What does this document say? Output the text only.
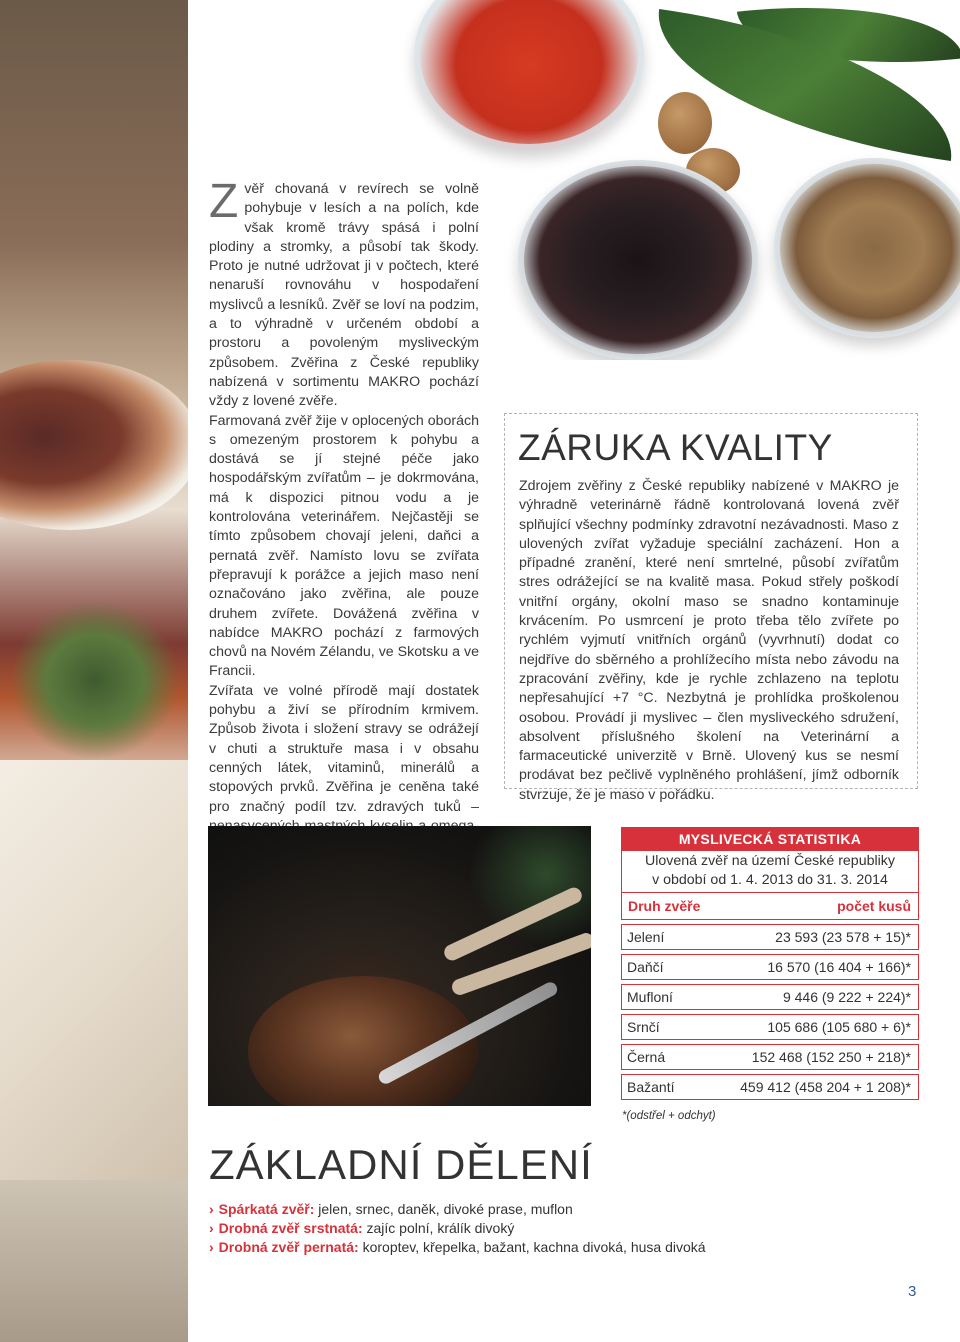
Zvěř chovaná v revírech se volně pohybuje v lesích a na polích, kde však kromě trávy spásá i polní plodiny a stromky, a působí tak škody. Proto je nutné udržovat ji v počtech, které nenaruší rovnováhu v hospodaření myslivců a lesníků. Zvěř se loví na podzim, a to výhradně v určeném období a prostoru a povoleným mysliveckým způsobem. Zvěřina z České republiky nabízená v sortimentu MAKRO pochází vždy z lovené zvěře.

Farmovaná zvěř žije v oplocených oborách s omezeným prostorem k pohybu a dostává se jí stejné péče jako hospodářským zvířatům – je dokrmována, má k dispozici pitnou vodu a je kontrolována veterinářem. Nejčastěji se tímto způsobem chovají jeleni, daňci a pernatá zvěř. Namísto lovu se zvířata přepravují k porážce a jejich maso není označováno jako zvěřina, ale pouze druhem zvířete. Dovážená zvěřina v nabídce MAKRO pochází z farmových chovů na Novém Zélandu, ve Skotsku a ve Francii.

Zvířata ve volné přírodě mají dostatek pohybu a živí se přírodním krmivem. Způsob života i složení stravy se odrážejí v chuti a struktuře masa i v obsahu cenných látek, vitaminů, minerálů a stopových prvků. Zvěřina je ceněna také pro značný podíl tzv. zdravých tuků –

ZÁRUKA KVALITY

Zdrojem zvěřiny z České republiky nabízené v MAKRO je výhradně veterinárně řádně kontrolovaná lovená zvěř splňující všechny podmínky zdravotní nezávadnosti. Maso z ulovených zvířat vyžaduje speciální zacházení. Hon a případné zranění, které není smrtelné, působí zvířatům stres odrážející se na kvalitě masa. Pokud střely poškodí vnitřní orgány, okolní maso se snadno kontaminuje krvácením. Po usmrcení je proto třeba tělo zvířete po rychlém vyjmutí vnitřních orgánů (vyvrhnutí) dodat co nejdříve do sběrného a prohlížecího místa nebo závodu na zpracování zvěřiny, kde je rychle zchlazeno na teplotu nepřesahující +7 °C. Nezbytná je prohlídka proškolenou osobou. Provádí ji myslivec – člen mysliveckého sdružení, absolvent příslušného školení na Veterinární a farmaceutické univerzitě v Brně. Ulovený kus se nesmí prodávat bez pečlivě vyplněného prohlášení, jímž odborník stvrzuje, že je maso v pořádku.

MYSLIVECKÁ STATISTIKA
Ulovená zvěř na území České republiky
v období od 1. 4. 2013 do 31. 3. 2014
Druh zvěře	počet kusů
Jelení	23 593 (23 578 + 15)*
Daňčí	16 570 (16 404 + 166)*
Mufloní	9 446 (9 222 + 224)*
Srnčí	105 686 (105 680 + 6)*
Černá	152 468 (152 250 + 218)*
Bažantí	459 412 (458 204 + 1 208)*
*(odstřel + odchyt)
ZÁKLADNÍ DĚLENÍ
› Spárkatá zvěř: jelen, srnec, daněk, divoké prase, muflon
› Drobná zvěř srstnatá: zajíc polní, králík divoký
› Drobná zvěř pernatá: koroptev, křepelka, bažant, kachna divoká, husa divoká
3
